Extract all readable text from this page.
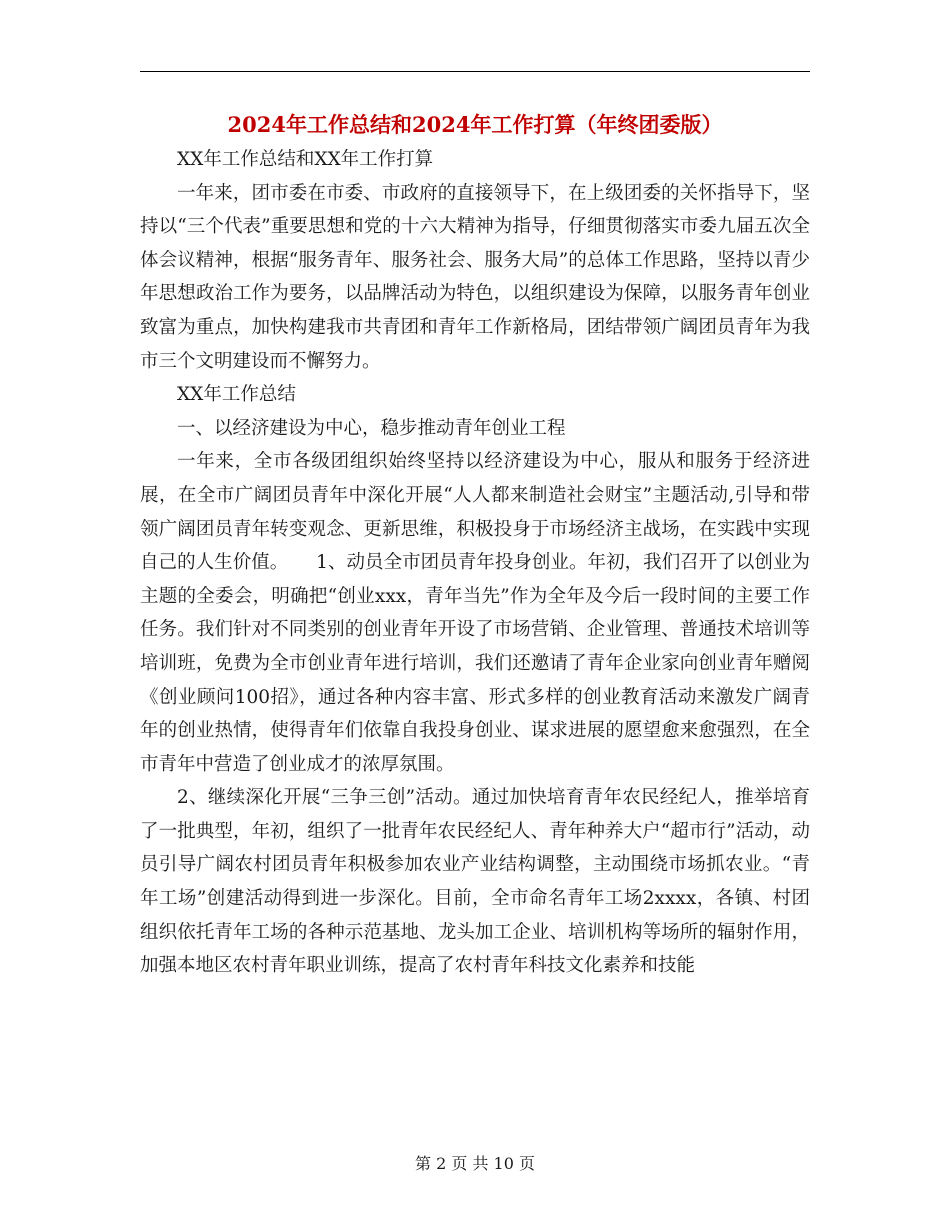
2024年工作总结和2024年工作打算（年终团委版）

XX年工作总结和XX年工作打算

一年来，团市委在市委、市政府的直接领导下，在上级团委的关怀指导下，坚持以“三个代表”重要思想和党的十六大精神为指导，仔细贯彻落实市委九届五次全体会议精神，根据“服务青年、服务社会、服务大局”的总体工作思路，坚持以青少年思想政治工作为要务，以品牌活动为特色，以组织建设为保障，以服务青年创业致富为重点，加快构建我市共青团和青年工作新格局，团结带领广阔团员青年为我市三个文明建设而不懈努力。

XX年工作总结

一、以经济建设为中心，稳步推动青年创业工程

一年来，全市各级团组织始终坚持以经济建设为中心，服从和服务于经济进展，在全市广阔团员青年中深化开展“人人都来制造社会财宝”主题活动,引导和带领广阔团员青年转变观念、更新思维，积极投身于市场经济主战场，在实践中实现自己的人生价值。　　1、动员全市团员青年投身创业。年初，我们召开了以创业为主题的全委会，明确把“创业xxx，青年当先”作为全年及今后一段时间的主要工作任务。我们针对不同类别的创业青年开设了市场营销、企业管理、普通技术培训等培训班，免费为全市创业青年进行培训，我们还邀请了青年企业家向创业青年赠阅《创业顾问100招》，通过各种内容丰富、形式多样的创业教育活动来激发广阔青年的创业热情，使得青年们依靠自我投身创业、谋求进展的愿望愈来愈强烈，在全市青年中营造了创业成才的浓厚氛围。

2、继续深化开展“三争三创”活动。通过加快培育青年农民经纪人，推举培育了一批典型，年初，组织了一批青年农民经纪人、青年种养大户“超市行”活动，动员引导广阔农村团员青年积极参加农业产业结构调整，主动围绕市场抓农业。“青年工场”创建活动得到进一步深化。目前，全市命名青年工场2xxxx，各镇、村团组织依托青年工场的各种示范基地、龙头加工企业、培训机构等场所的辐射作用，加强本地区农村青年职业训练，提高了农村青年科技文化素养和技能

第 2 页 共 10 页
